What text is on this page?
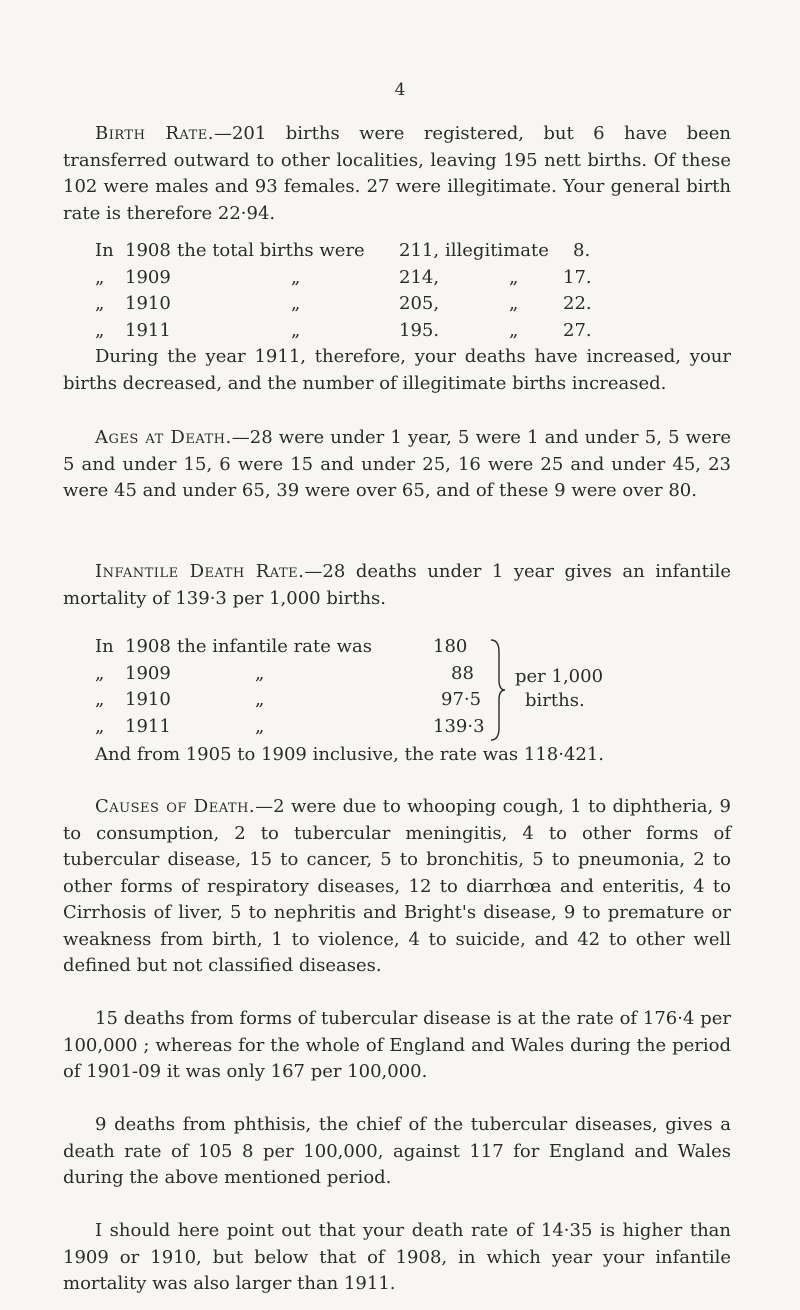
4
Birth Rate.—201 births were registered, but 6 have been transferred outward to other localities, leaving 195 nett births. Of these 102 were males and 93 females. 27 were illegitimate. Your general birth rate is therefore 22·94.
In 1908 the total births were 211, illegitimate 8.
„ 1909	„	214,	„ 17.
„ 1910	„	205,	„ 22.
„ 1911	„	195.	„ 27.
During the year 1911, therefore, your deaths have increased, your births decreased, and the number of illegitimate births increased.
Ages at Death.—28 were under 1 year, 5 were 1 and under 5, 5 were 5 and under 15, 6 were 15 and under 25, 16 were 25 and under 45, 23 were 45 and under 65, 39 were over 65, and of these 9 were over 80.
Infantile Death Rate.—28 deaths under 1 year gives an infantile mortality of 139·3 per 1,000 births.
In 1908 the infantile rate was	180
„ 1909	„	88
„ 1910	„	97·5
„ 1911	„	139·3
per 1,000
births.
And from 1905 to 1909 inclusive, the rate was 118·421.
Causes of Death.—2 were due to whooping cough, 1 to diphtheria, 9 to consumption, 2 to tubercular meningitis, 4 to other forms of tubercular disease, 15 to cancer, 5 to bronchitis, 5 to pneumonia, 2 to other forms of respiratory diseases, 12 to diarrhœa and enteritis, 4 to Cirrhosis of liver, 5 to nephritis and Bright's disease, 9 to premature or weakness from birth, 1 to violence, 4 to suicide, and 42 to other well defined but not classified diseases.
15 deaths from forms of tubercular disease is at the rate of 176·4 per 100,000 ; whereas for the whole of England and Wales during the period of 1901-09 it was only 167 per 100,000.
9 deaths from phthisis, the chief of the tubercular diseases, gives a death rate of 105 8 per 100,000, against 117 for England and Wales during the above mentioned period.
I should here point out that your death rate of 14·35 is higher than 1909 or 1910, but below that of 1908, in which year your infantile mortality was also larger than 1911.
